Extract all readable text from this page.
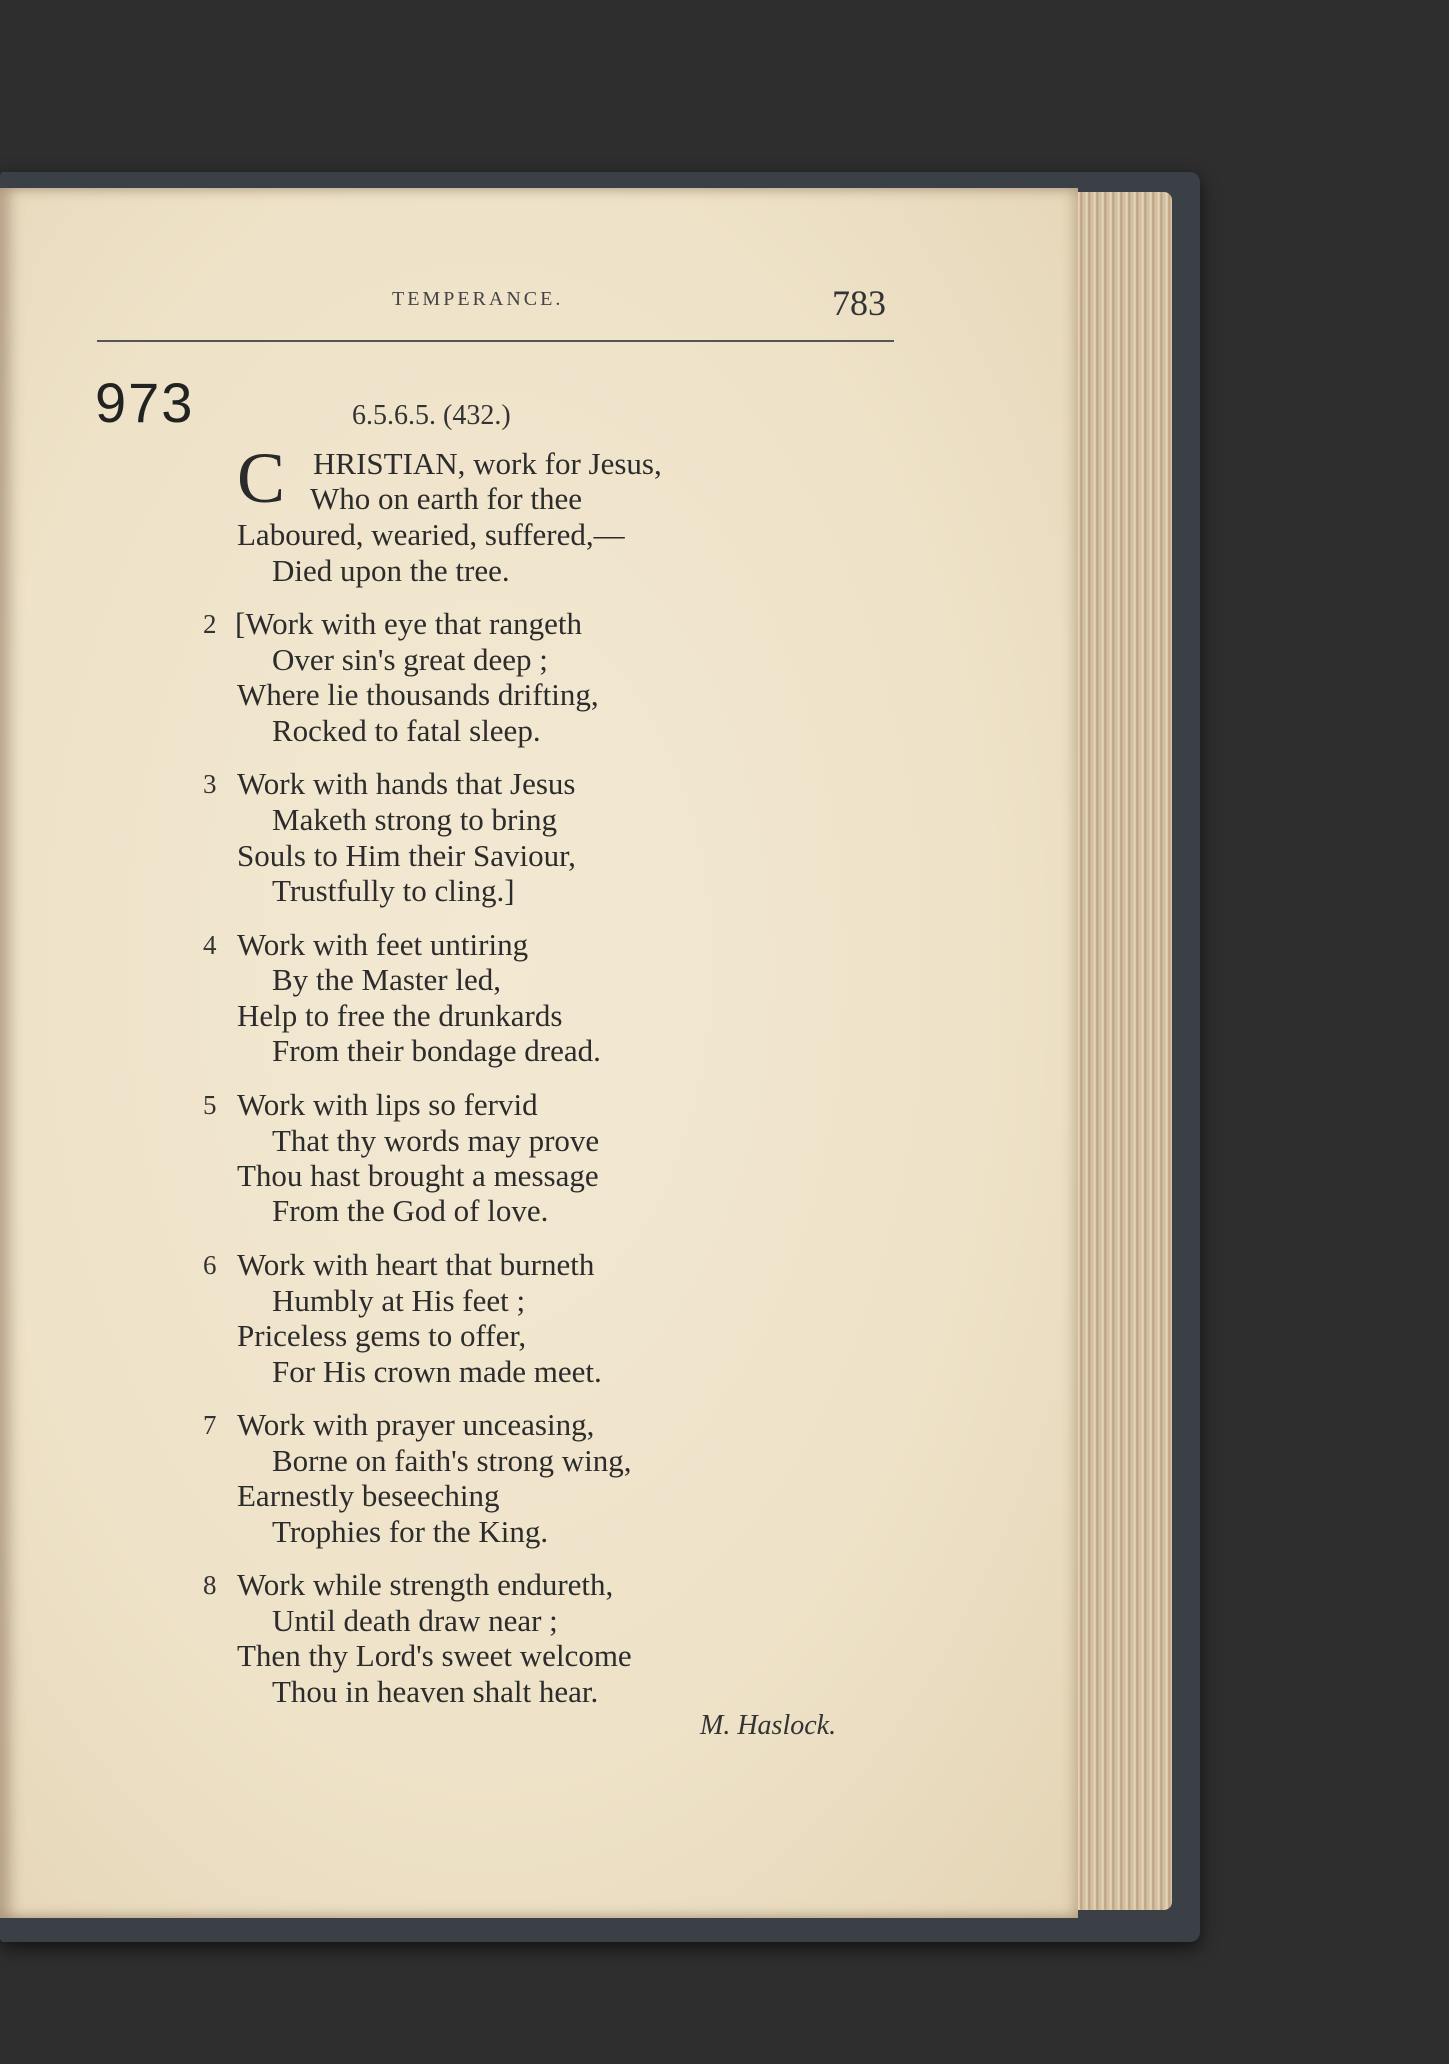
TEMPERANCE.	783
973	6.5.6.5. (432.)
C HRISTIAN, work for Jesus,
Who on earth for thee
Laboured, wearied, suffered,—
Died upon the tree.
2 [Work with eye that rangeth
Over sin's great deep ;
Where lie thousands drifting,
Rocked to fatal sleep.
3 Work with hands that Jesus
Maketh strong to bring
Souls to Him their Saviour,
Trustfully to cling.]
4 Work with feet untiring
By the Master led,
Help to free the drunkards
From their bondage dread.
5 Work with lips so fervid
That thy words may prove
Thou hast brought a message
From the God of love.
6 Work with heart that burneth
Humbly at His feet ;
Priceless gems to offer,
For His crown made meet.
7 Work with prayer unceasing,
Borne on faith's strong wing,
Earnestly beseeching
Trophies for the King.
8 Work while strength endureth,
Until death draw near ;
Then thy Lord's sweet welcome
Thou in heaven shalt hear.
M. Haslock.
